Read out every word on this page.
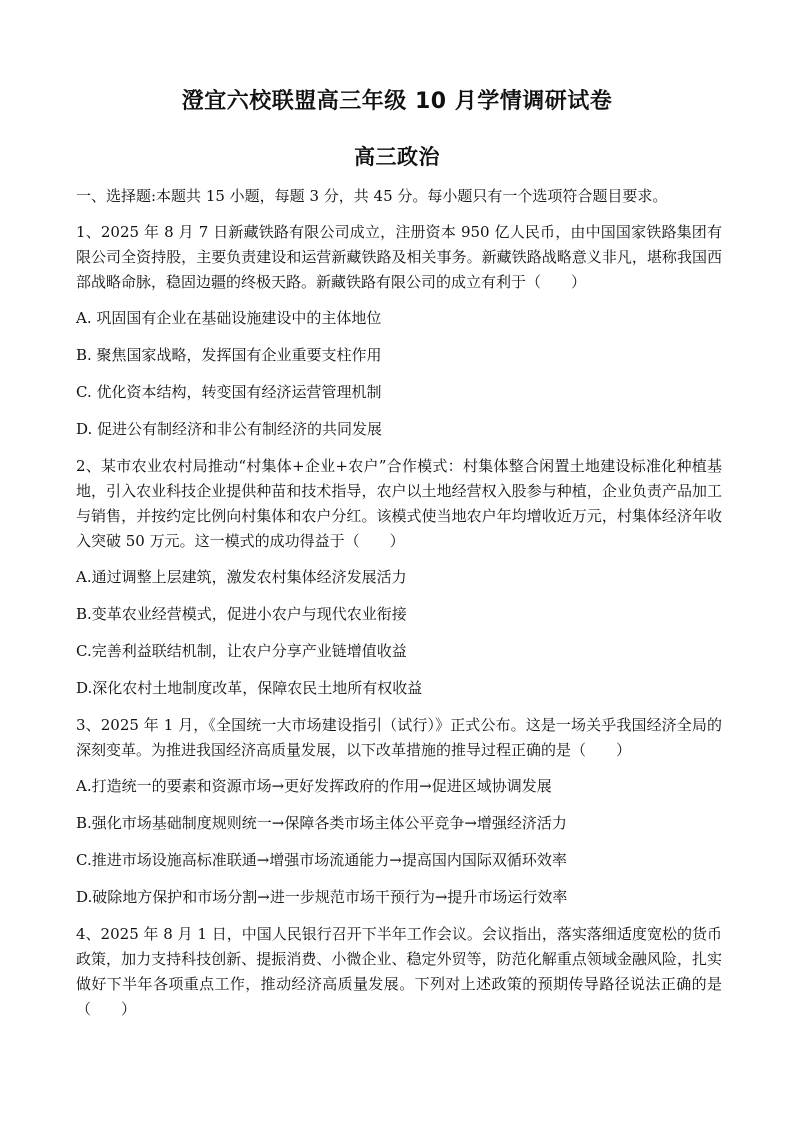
澄宜六校联盟高三年级 10 月学情调研试卷
高三政治

一、选择题:本题共 15 小题，每题 3 分，共 45 分。每小题只有一个选项符合题目要求。

1、2025 年 8 月 7 日新藏铁路有限公司成立，注册资本 950 亿人民币，由中国国家铁路集团有限公司全资持股，主要负责建设和运营新藏铁路及相关事务。新藏铁路战略意义非凡，堪称我国西部战略命脉，稳固边疆的终极天路。新藏铁路有限公司的成立有利于（　　）

A. 巩固国有企业在基础设施建设中的主体地位

B. 聚焦国家战略，发挥国有企业重要支柱作用

C. 优化资本结构，转变国有经济运营管理机制

D. 促进公有制经济和非公有制经济的共同发展

2、某市农业农村局推动“村集体+企业+农户”合作模式：村集体整合闲置土地建设标准化种植基地，引入农业科技企业提供种苗和技术指导，农户以土地经营权入股参与种植，企业负责产品加工与销售，并按约定比例向村集体和农户分红。该模式使当地农户年均增收近万元，村集体经济年收入突破 50 万元。这一模式的成功得益于（　　）

A.通过调整上层建筑，激发农村集体经济发展活力

B.变革农业经营模式，促进小农户与现代农业衔接

C.完善利益联结机制，让农户分享产业链增值收益

D.深化农村土地制度改革，保障农民土地所有权收益

3、2025 年 1 月，《全国统一大市场建设指引（试行）》正式公布。这是一场关乎我国经济全局的深刻变革。为推进我国经济高质量发展，以下改革措施的推导过程正确的是（　　）

A.打造统一的要素和资源市场→更好发挥政府的作用→促进区域协调发展

B.强化市场基础制度规则统一→保障各类市场主体公平竞争→增强经济活力

C.推进市场设施高标准联通→增强市场流通能力→提高国内国际双循环效率

D.破除地方保护和市场分割→进一步规范市场干预行为→提升市场运行效率

4、2025 年 8 月 1 日，中国人民银行召开下半年工作会议。会议指出，落实落细适度宽松的货币政策，加力支持科技创新、提振消费、小微企业、稳定外贸等，防范化解重点领域金融风险，扎实做好下半年各项重点工作，推动经济高质量发展。下列对上述政策的预期传导路径说法正确的是（　　）
